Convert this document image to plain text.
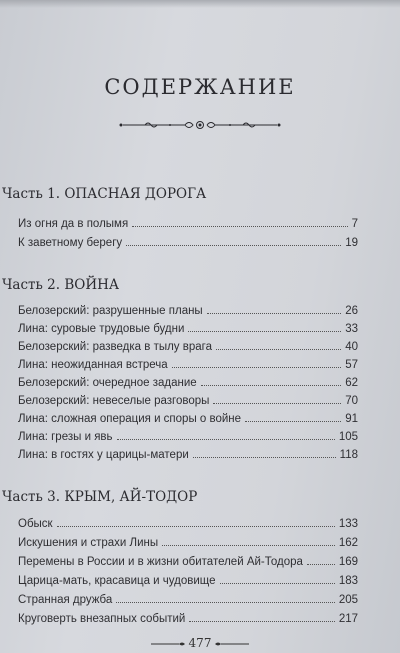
СОДЕРЖАНИЕ
Часть 1. ОПАСНАЯ ДОРОГА
Из огня да в полымя	7
К заветному берегу	19
Часть 2. ВОЙНА
Белозерский: разрушенные планы	26
Лина: суровые трудовые будни	33
Белозерский: разведка в тылу врага	40
Лина: неожиданная встреча	57
Белозерский: очередное задание	62
Белозерский: невеселые разговоры	70
Лина: сложная операция и споры о войне	91
Лина: грезы и явь	105
Лина: в гостях у царицы-матери	118
Часть 3. КРЫМ, АЙ-ТОДОР
Обыск	133
Искушения и страхи Лины	162
Перемены в России и в жизни обитателей Ай-Тодора	169
Царица-мать, красавица и чудовище	183
Странная дружба	205
Круговерть внезапных событий	217
477
